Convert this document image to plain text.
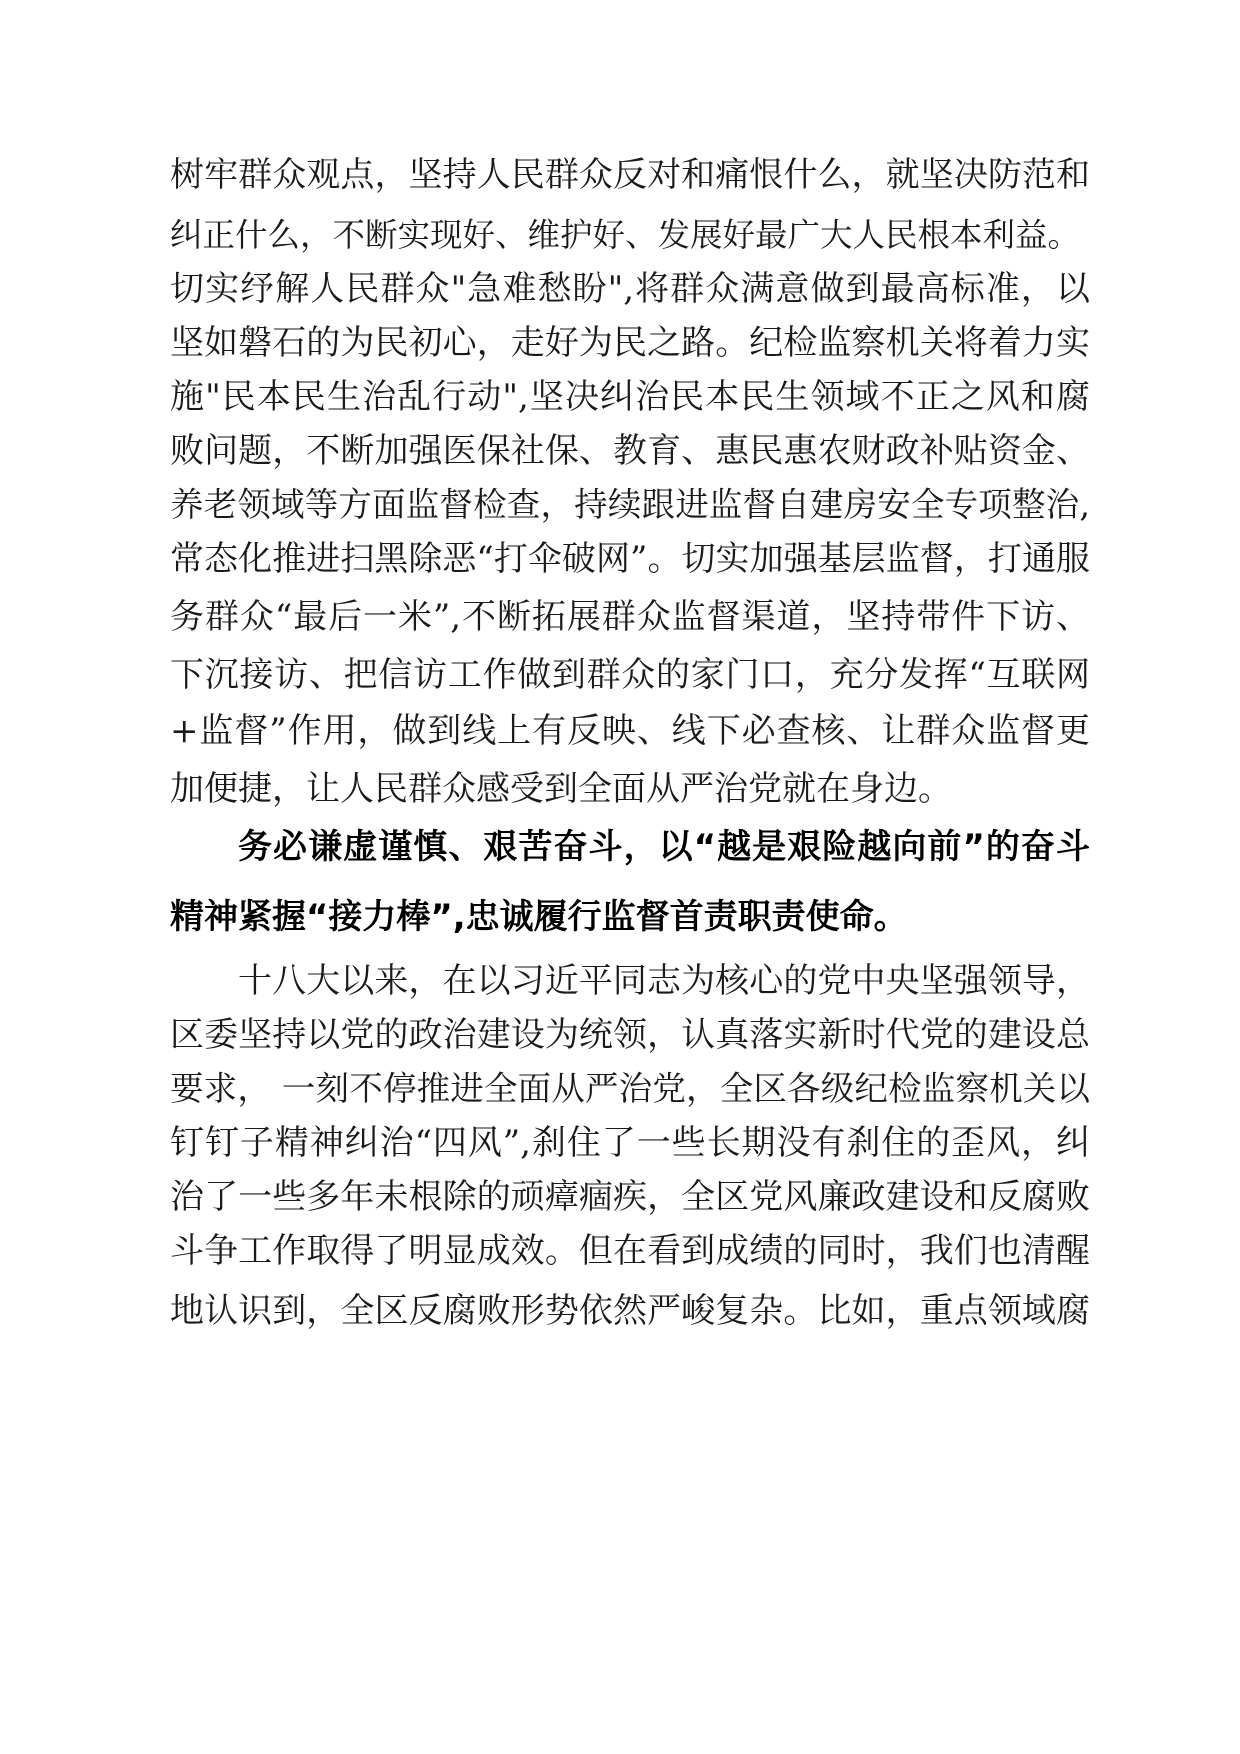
树牢群众观点，坚持人民群众反对和痛恨什么，就坚决防范和
纠正什么，不断实现好、维护好、发展好最广大人民根本利益。
切实纾解人民群众"急难愁盼",将群众满意做到最高标准，以
坚如磐石的为民初心，走好为民之路。纪检监察机关将着力实
施"民本民生治乱行动",坚决纠治民本民生领域不正之风和腐
败问题，不断加强医保社保、教育、惠民惠农财政补贴资金、
养老领域等方面监督检查，持续跟进监督自建房安全专项整治,
常态化推进扫黑除恶“打伞破网”。切实加强基层监督，打通服
务群众“最后一米”,不断拓展群众监督渠道，坚持带件下访、
下沉接访、把信访工作做到群众的家门口，充分发挥“互联网
+监督”作用，做到线上有反映、线下必查核、让群众监督更
加便捷，让人民群众感受到全面从严治党就在身边。
务必谦虚谨慎、艰苦奋斗，以“越是艰险越向前”的奋斗
精神紧握“接力棒”,忠诚履行监督首责职责使命。
十八大以来，在以习近平同志为核心的党中央坚强领导，
区委坚持以党的政治建设为统领，认真落实新时代党的建设总
要求， 一刻不停推进全面从严治党，全区各级纪检监察机关以
钉钉子精神纠治“四风”,刹住了一些长期没有刹住的歪风，纠
治了一些多年未根除的顽瘴痼疾，全区党风廉政建设和反腐败
斗争工作取得了明显成效。但在看到成绩的同时，我们也清醒
地认识到，全区反腐败形势依然严峻复杂。比如，重点领域腐
